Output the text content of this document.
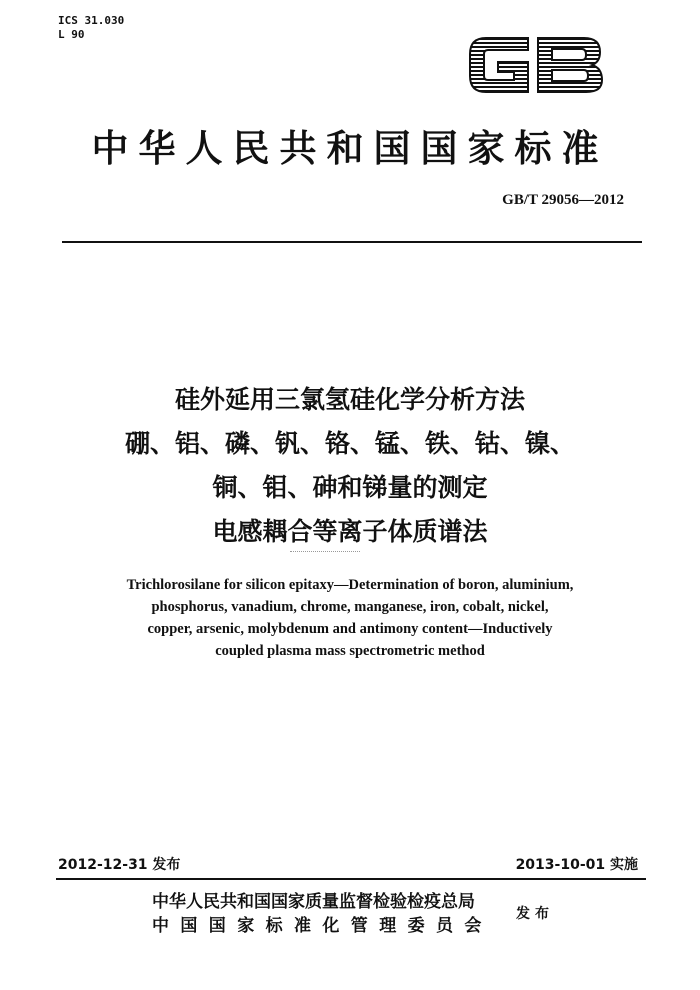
ICS 31.030
L 90
中华人民共和国国家标准
GB/T 29056—2012
硅外延用三氯氢硅化学分析方法
硼、铝、磷、钒、铬、锰、铁、钴、镍、
铜、钼、砷和锑量的测定
电感耦合等离子体质谱法
Trichlorosilane for silicon epitaxy—Determination of boron, aluminium,
phosphorus, vanadium, chrome, manganese, iron, cobalt, nickel,
copper, arsenic, molybdenum and antimony content—Inductively
coupled plasma mass spectrometric method
2012-12-31 发布	2013-10-01 实施
中华人民共和国国家质量监督检验检疫总局
中国国家标准化管理委员会
发布
